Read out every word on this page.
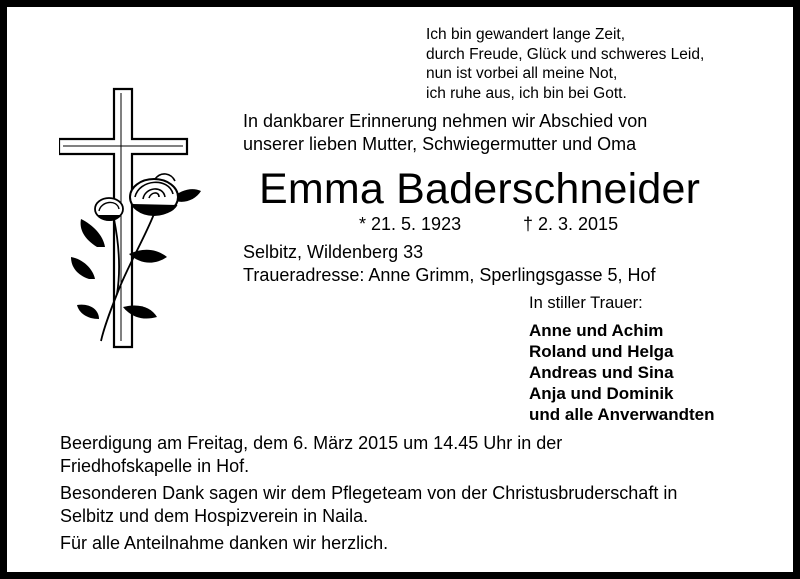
Ich bin gewandert lange Zeit,
durch Freude, Glück und schweres Leid,
nun ist vorbei all meine Not,
ich ruhe aus, ich bin bei Gott.
In dankbarer Erinnerung nehmen wir Abschied von
unserer lieben Mutter, Schwiegermutter und Oma
Emma Baderschneider
* 21. 5. 1923	† 2. 3. 2015
Selbitz, Wildenberg 33
Traueradresse: Anne Grimm, Sperlingsgasse 5, Hof
In stiller Trauer:
Anne und Achim
Roland und Helga
Andreas und Sina
Anja und Dominik
und alle Anverwandten
Beerdigung am Freitag, dem 6. März 2015 um 14.45 Uhr in der
Friedhofskapelle in Hof.
Besonderen Dank sagen wir dem Pflegeteam von der Christusbruderschaft in
Selbitz und dem Hospizverein in Naila.
Für alle Anteilnahme danken wir herzlich.
